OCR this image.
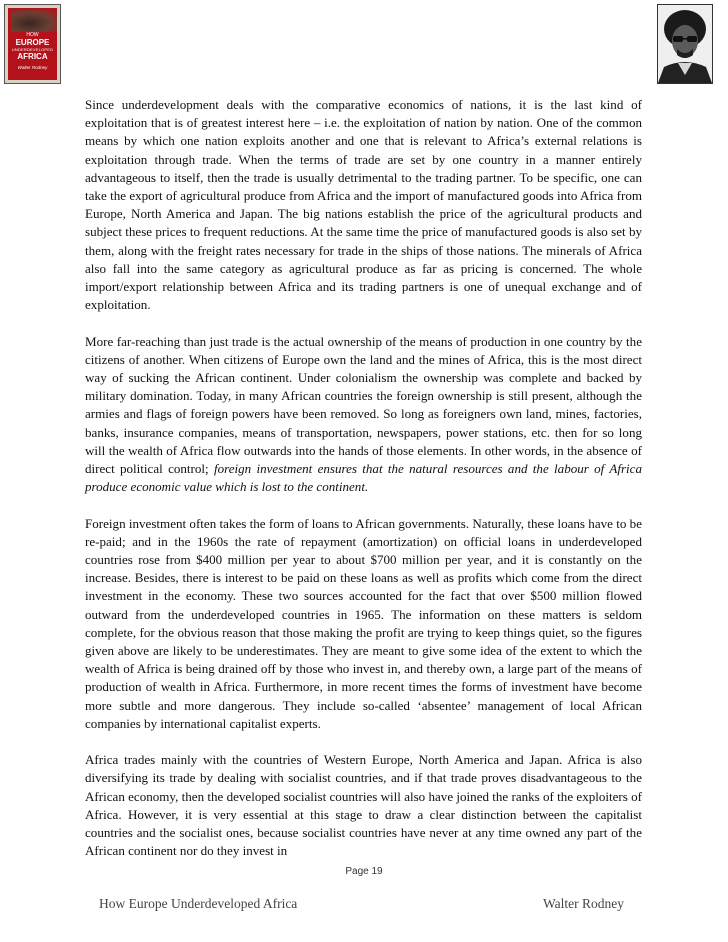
HOW
EUROPE
UNDERDEVELOPED
AFRICA
Walter Rodney

Since underdevelopment deals with the comparative economics of nations, it is the last kind of exploitation that is of greatest interest here – i.e. the exploitation of nation by nation. One of the common means by which one nation exploits another and one that is relevant to Africa’s external relations is exploitation through trade. When the terms of trade are set by one country in a manner entirely advantageous to itself, then the trade is usually detrimental to the trading partner. To be specific, one can take the export of agricultural produce from Africa and the import of manufactured goods into Africa from Europe, North America and Japan. The big nations establish the price of the agricultural products and subject these prices to frequent reductions. At the same time the price of manufactured goods is also set by them, along with the freight rates necessary for trade in the ships of those nations. The minerals of Africa also fall into the same category as agricultural produce as far as pricing is concerned. The whole import/export relationship between Africa and its trading partners is one of unequal exchange and of exploitation.

More far-reaching than just trade is the actual ownership of the means of production in one country by the citizens of another. When citizens of Europe own the land and the mines of Africa, this is the most direct way of sucking the African continent. Under colonialism the ownership was complete and backed by military domination. Today, in many African countries the foreign ownership is still present, although the armies and flags of foreign powers have been removed. So long as foreigners own land, mines, factories, banks, insurance companies, means of transportation, newspapers, power stations, etc. then for so long will the wealth of Africa flow outwards into the hands of those elements. In other words, in the absence of direct political control; foreign investment ensures that the natural resources and the labour of Africa produce economic value which is lost to the continent.

Foreign investment often takes the form of loans to African governments. Naturally, these loans have to be re-paid; and in the 1960s the rate of repayment (amortization) on official loans in underdeveloped countries rose from $400 million per year to about $700 million per year, and it is constantly on the increase. Besides, there is interest to be paid on these loans as well as profits which come from the direct investment in the economy. These two sources accounted for the fact that over $500 million flowed outward from the underdeveloped countries in 1965. The information on these matters is seldom complete, for the obvious reason that those making the profit are trying to keep things quiet, so the figures given above are likely to be underestimates. They are meant to give some idea of the extent to which the wealth of Africa is being drained off by those who invest in, and thereby own, a large part of the means of production of wealth in Africa. Furthermore, in more recent times the forms of investment have become more subtle and more dangerous. They include so-called ‘absentee’ management of local African companies by international capitalist experts.

Africa trades mainly with the countries of Western Europe, North America and Japan. Africa is also diversifying its trade by dealing with socialist countries, and if that trade proves disadvantageous to the African economy, then the developed socialist countries will also have joined the ranks of the exploiters of Africa. However, it is very essential at this stage to draw a clear distinction between the capitalist countries and the socialist ones, because socialist countries have never at any time owned any part of the African continent nor do they invest in

Page 19
How Europe Underdeveloped Africa	Walter Rodney
